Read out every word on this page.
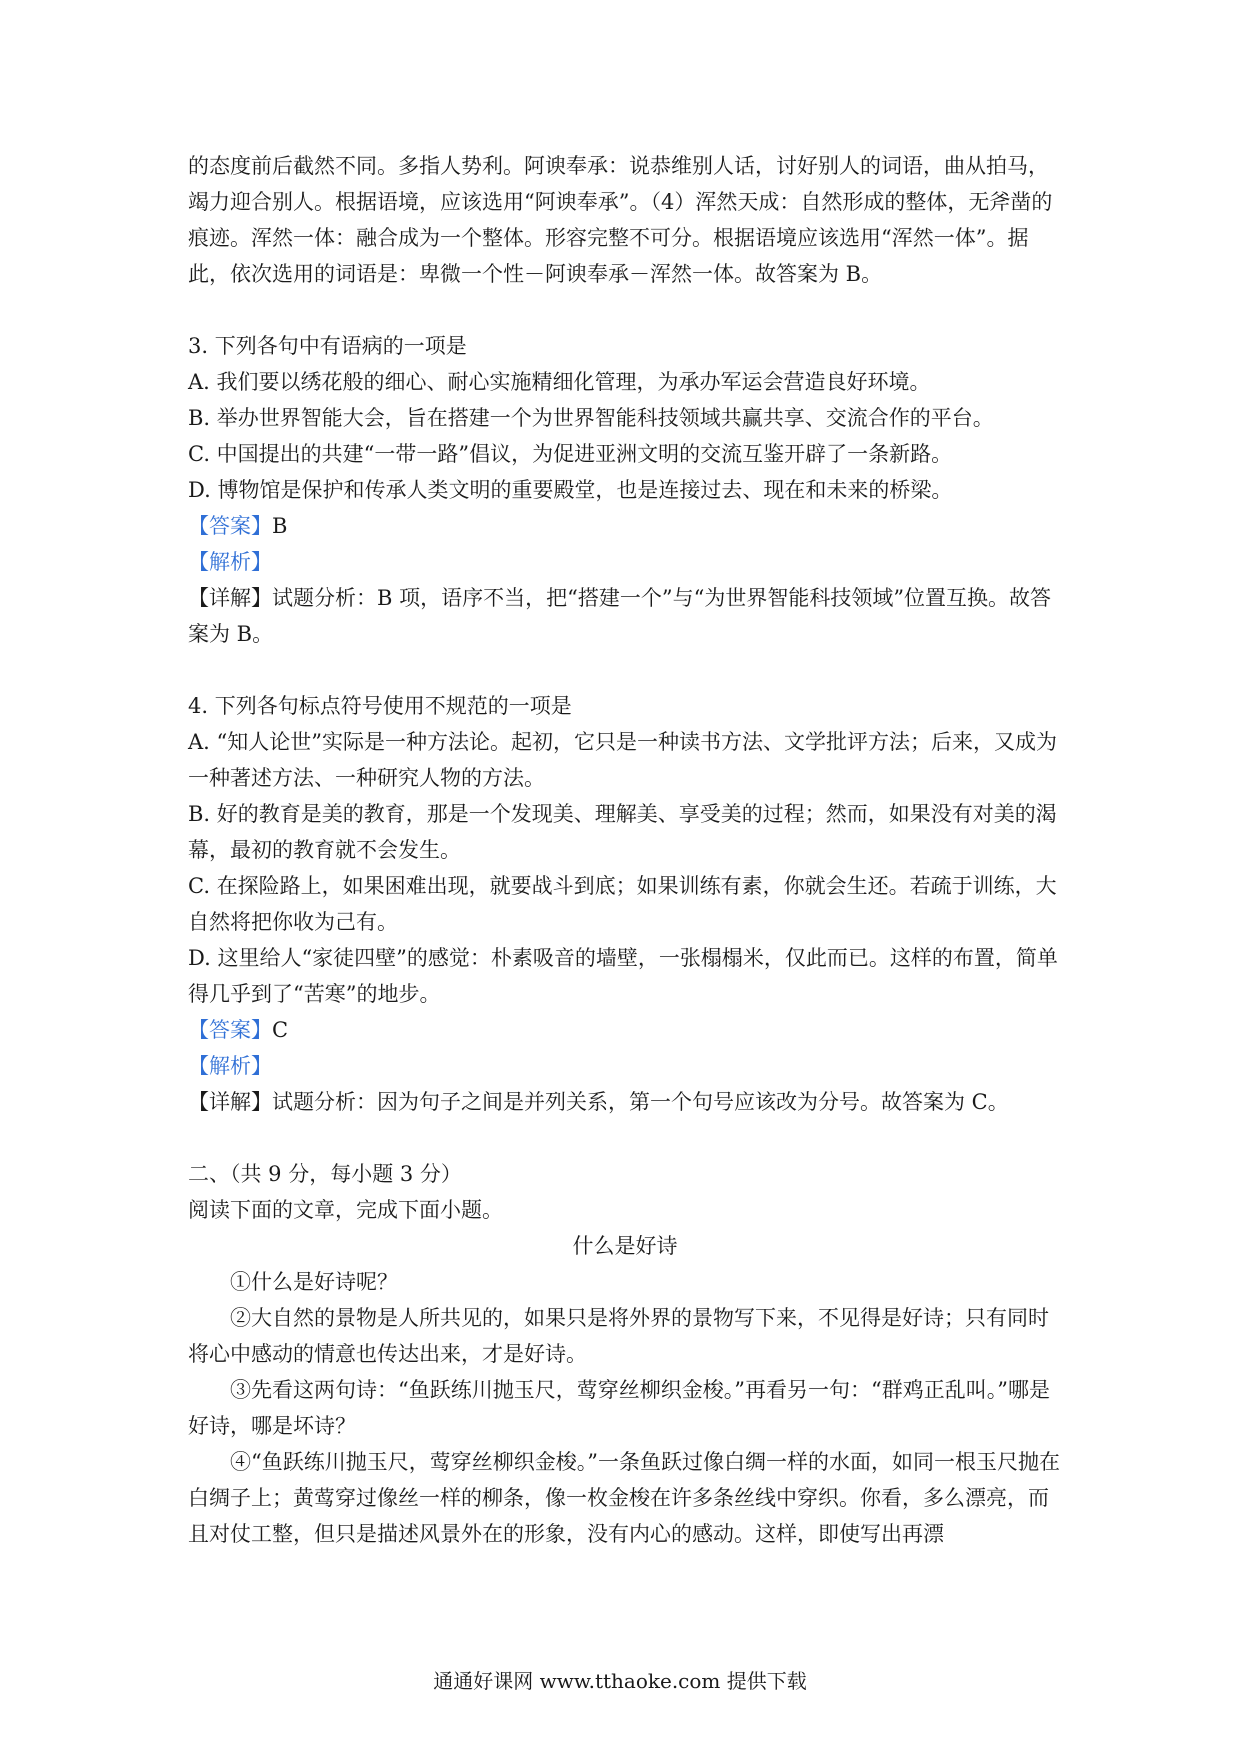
的态度前后截然不同。多指人势利。阿谀奉承：说恭维别人话，讨好别人的词语，曲从拍马，竭力迎合别人。根据语境，应该选用“阿谀奉承”。（4）浑然天成：自然形成的整体，无斧凿的痕迹。浑然一体：融合成为一个整体。形容完整不可分。根据语境应该选用“浑然一体”。据此，依次选用的词语是：卑微一个性－阿谀奉承－浑然一体。故答案为 B。

3. 下列各句中有语病的一项是

A. 我们要以绣花般的细心、耐心实施精细化管理，为承办军运会营造良好环境。

B. 举办世界智能大会，旨在搭建一个为世界智能科技领域共赢共享、交流合作的平台。

C. 中国提出的共建“一带一路”倡议，为促进亚洲文明的交流互鉴开辟了一条新路。

D. 博物馆是保护和传承人类文明的重要殿堂，也是连接过去、现在和未来的桥梁。

【答案】B

【解析】

【详解】试题分析：B 项，语序不当，把“搭建一个”与“为世界智能科技领域”位置互换。故答案为 B。

4. 下列各句标点符号使用不规范的一项是

A. “知人论世”实际是一种方法论。起初，它只是一种读书方法、文学批评方法；后来，又成为一种著述方法、一种研究人物的方法。

B. 好的教育是美的教育，那是一个发现美、理解美、享受美的过程；然而，如果没有对美的渴幕，最初的教育就不会发生。

C. 在探险路上，如果困难出现，就要战斗到底；如果训练有素，你就会生还。若疏于训练，大自然将把你收为己有。

D. 这里给人“家徒四壁”的感觉：朴素吸音的墙壁，一张榻榻米，仅此而已。这样的布置，简单得几乎到了“苦寒”的地步。

【答案】C

【解析】

【详解】试题分析：因为句子之间是并列关系，第一个句号应该改为分号。故答案为 C。

二、（共 9 分，每小题 3 分）

阅读下面的文章，完成下面小题。

什么是好诗

①什么是好诗呢？

②大自然的景物是人所共见的，如果只是将外界的景物写下来，不见得是好诗；只有同时将心中感动的情意也传达出来，才是好诗。

③先看这两句诗：“鱼跃练川抛玉尺，莺穿丝柳织金梭。”再看另一句：“群鸡正乱叫。”哪是好诗，哪是坏诗？

④“鱼跃练川抛玉尺，莺穿丝柳织金梭。”一条鱼跃过像白绸一样的水面，如同一根玉尺抛在白绸子上；黄莺穿过像丝一样的柳条，像一枚金梭在许多条丝线中穿织。你看，多么漂亮，而且对仗工整，但只是描述风景外在的形象，没有内心的感动。这样，即使写出再漂

通通好课网 www.tthaoke.com 提供下载
